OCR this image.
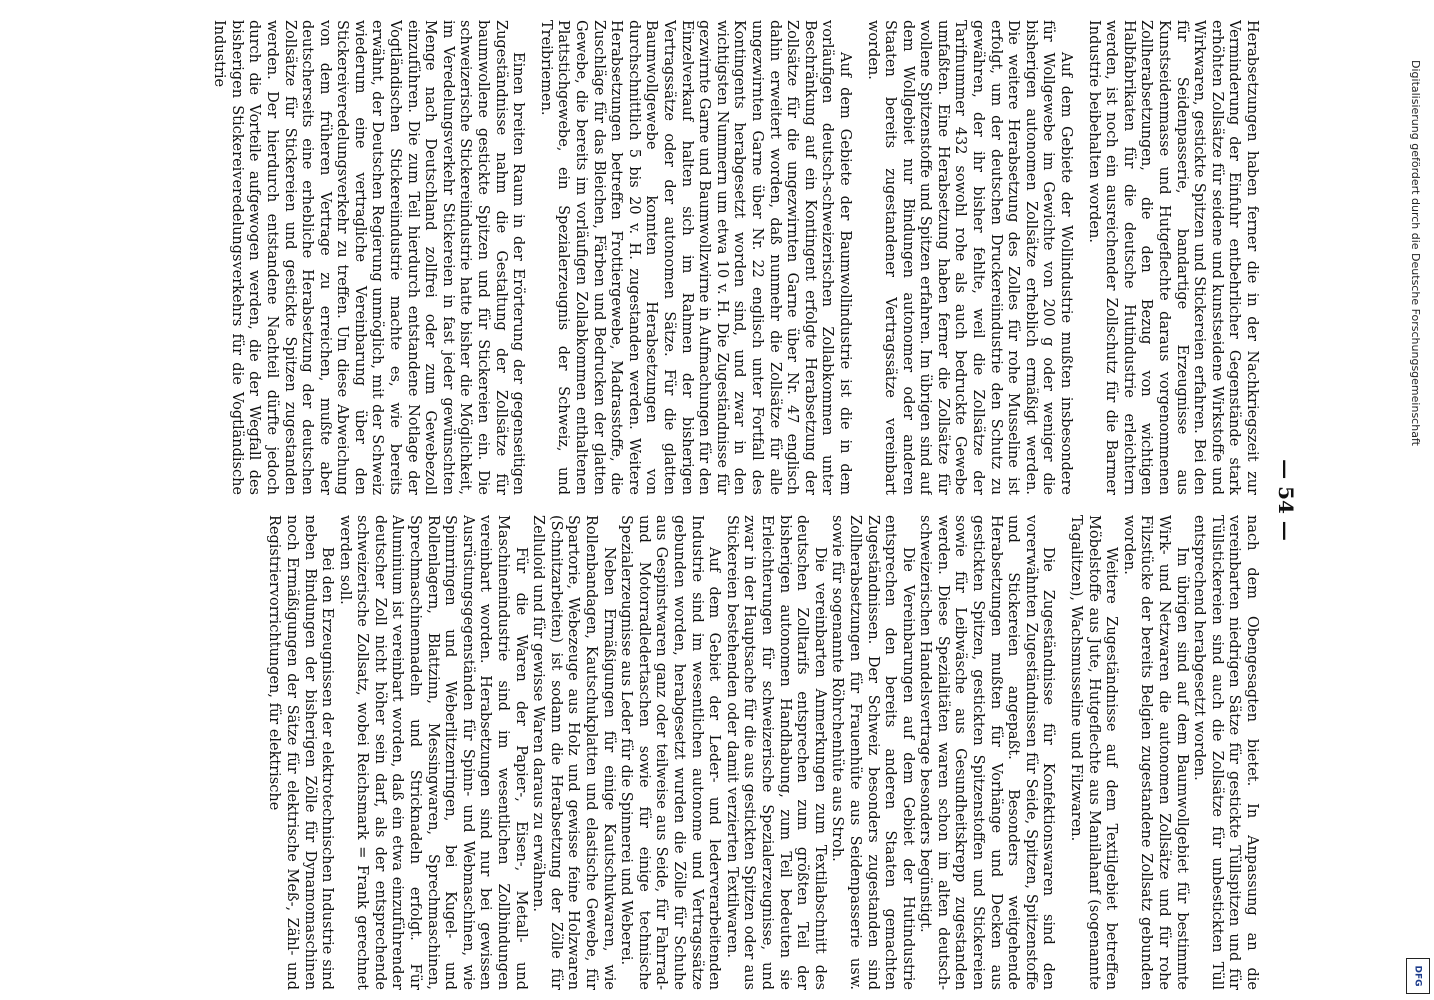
— 54 —

Herabsetzungen haben ferner die in der Nachkriegszeit zur Verminderung der Einfuhr entbehrlicher Gegenstände stark erhöhten Zollsätze für seidene und kunstseidene Wirkstoffe und Wirkwaren, gestickte Spitzen und Stickereien erfahren. Bei den für Seidenpasserie, bandartige Erzeugnisse aus Kunstseidenmasse und Hutgeflechte daraus vorgenommenen Zollherabsetzungen, die den Bezug von wichtigen Halbfabrikaten für die deutsche Hutindustrie erleichtern werden, ist noch ein ausreichender Zollschutz für die Barmer Industrie beibehalten worden.

Auf dem Gebiete der Wollindustrie mußten insbesondere für Wollgewebe im Gewichte von 200 g oder weniger die bisherigen autonomen Zollsätze erheblich ermäßigt werden. Die weitere Herabsetzung des Zolles für rohe Musseline ist erfolgt, um der deutschen Druckereiindustrie den Schutz zu gewähren, der ihr bisher fehlte, weil die Zollsätze der Tarifnummer 432 sowohl rohe als auch bedruckte Gewebe umfaßten. Eine Herabsetzung haben ferner die Zollsätze für wollene Spitzenstoffe und Spitzen erfahren. Im übrigen sind auf dem Wollgebiet nur Bindungen autonomer oder anderen Staaten bereits zugestandener Vertragssätze vereinbart worden.

Auf dem Gebiete der Baumwollindustrie ist die in dem vorläufigen deutsch-schweizerischen Zollabkommen unter Beschränkung auf ein Kontingent erfolgte Herabsetzung der Zollsätze für die ungezwirnten Garne über Nr. 47 englisch dahin erweitert worden, daß nunmehr die Zollsätze für alle ungezwirnten Garne über Nr. 22 englisch unter Fortfall des Kontingents herabgesetzt worden sind, und zwar in den wichtigsten Nummern um etwa 10 v. H. Die Zugeständnisse für gezwirnte Garne und Baumwollzwirne in Aufmachungen für den Einzelverkauf halten sich im Rahmen der bisherigen Vertragssätze oder der autonomen Sätze. Für die glatten Baumwollgewebe konnten Herabsetzungen von durchschnittlich 5 bis 20 v. H. zugestanden werden. Weitere Herabsetzungen betreffen Frottiergewebe, Madrasstoffe, die Zuschläge für das Bleichen, Färben und Bedrucken der glatten Gewebe, die bereits im vorläufigen Zollabkommen enthaltenen Plattstichgewebe, ein Spezialerzeugnis der Schweiz, und Treibriemen.

Einen breiten Raum in der Erörterung der gegenseitigen Zugeständnisse nahm die Gestaltung der Zollsätze für baumwollene gestickte Spitzen und für Stickereien ein. Die schweizerische Stickereiindustrie hatte bisher die Möglichkeit, im Veredelungsverkehr Stickereien in fast jeder gewünschten Menge nach Deutschland zollfrei oder zum Gewebezoll einzuführen. Die zum Teil hierdurch entstandene Notlage der Vogtländischen Stickereiindustrie machte es, wie bereits erwähnt, der Deutschen Regierung unmöglich, mit der Schweiz wiederum eine vertragliche Vereinbarung über den Stickereiveredelungsverkehr zu treffen. Um diese Abweichung von dem früheren Vertrage zu erreichen, mußte aber deutscherseits eine erhebliche Herabsetzung der deutschen Zollsätze für Stickereien und gestickte Spitzen zugestanden werden. Der hierdurch entstandene Nachteil dürfte jedoch durch die Vorteile aufgewogen werden, die der Wegfall des bisherigen Stickereiveredelungsverkehrs für die Vogtländische Industrie

nach dem Obengesagten bietet. In Anpassung an die vereinbarten niedrigen Sätze für gestickte Tüllspitzen und für Tüllstickereien sind auch die Zollsätze für unbestickten Tüll entsprechend herabgesetzt worden.

Im übrigen sind auf dem Baumwollgebiet für bestimmte Wirk- und Netzwaren die autonomen Zollsätze und für rohe Filzstücke der bereits Belgien zugestandene Zollsatz gebunden worden.

Weitere Zugeständnisse auf dem Textilgebiet betreffen Möbelstoffe aus Jute, Hutgeflechte aus Manilahanf (sogenannte Tagalitzen), Wachsmusseline und Filzwaren.

Die Zugeständnisse für Konfektionswaren sind den vorerwähnten Zugeständnissen für Seide, Spitzen, Spitzenstoffe und Stickereien angepaßt. Besonders weitgehende Herabsetzungen mußten für Vorhänge und Decken aus gestickten Spitzen, gestickten Spitzenstoffen und Stickereien sowie für Leibwäsche aus Gesundheitskrepp zugestanden werden. Diese Spezialitäten waren schon im alten deutsch-schweizerischen Handelsvertrage besonders begünstigt.

Die Vereinbarungen auf dem Gebiet der Hutindustrie entsprechen den bereits anderen Staaten gemachten Zugeständnissen. Der Schweiz besonders zugestanden sind Zollherabsetzungen für Frauenhüte aus Seidenpasserie usw. sowie für sogenannte Röhrchenhüte aus Stroh.

Die vereinbarten Anmerkungen zum Textilabschnitt des deutschen Zolltarifs entsprechen zum größten Teil der bisherigen autonomen Handhabung, zum Teil bedeuten sie Erleichterungen für schweizerische Spezialerzeugnisse, und zwar in der Hauptsache für die aus gestickten Spitzen oder aus Stickereien bestehenden oder damit verzierten Textilwaren.

Auf dem Gebiet der Leder- und lederverarbeitenden Industrie sind im wesentlichen autonome und Vertragssätze gebunden worden, herabgesetzt wurden die Zölle für Schuhe aus Gespinstwaren ganz oder teilweise aus Seide, für Fahrrad- und Motorradledertaschen sowie für einige technische Spezialerzeugnisse aus Leder für die Spinnerei und Weberei.

Neben Ermäßigungen für einige Kautschukwaren, wie Rollenbandagen, Kautschukplatten und elastische Gewebe, für Spartorie, Webezeuge aus Holz und gewisse feine Holzwaren (Schnitzarbeiten) ist sodann die Herabsetzung der Zölle für Zelluloid und für gewisse Waren daraus zu erwähnen.

Für die Waren der Papier-, Eisen-, Metall- und Maschinenindustrie sind im wesentlichen Zollbindungen vereinbart worden. Herabsetzungen sind nur bei gewissen Ausrüstungsgegenständen für Spinn- und Webmaschinen, wie Spinnringen und Weberlitzenringen, bei Kugel- und Rollenlagern, Blattzinn, Messingwaren, Sprechmaschinen, Sprechmaschinennadeln und Stricknadeln erfolgt. Für Aluminium ist vereinbart worden, daß ein etwa einzuführender deutscher Zoll nicht höher sein darf, als der entsprechende schweizerische Zollsatz, wobei Reichsmark = Frank gerechnet werden soll.

Bei den Erzeugnissen der elektrotechnischen Industrie sind neben Bindungen der bisherigen Zölle für Dynamomaschinen noch Ermäßigungen der Sätze für elektrische Meß-, Zähl- und Registriervorrichtungen, für elektrische

Digitalisierung gefördert durch die Deutsche Forschungsgemeinschaft
DFG
